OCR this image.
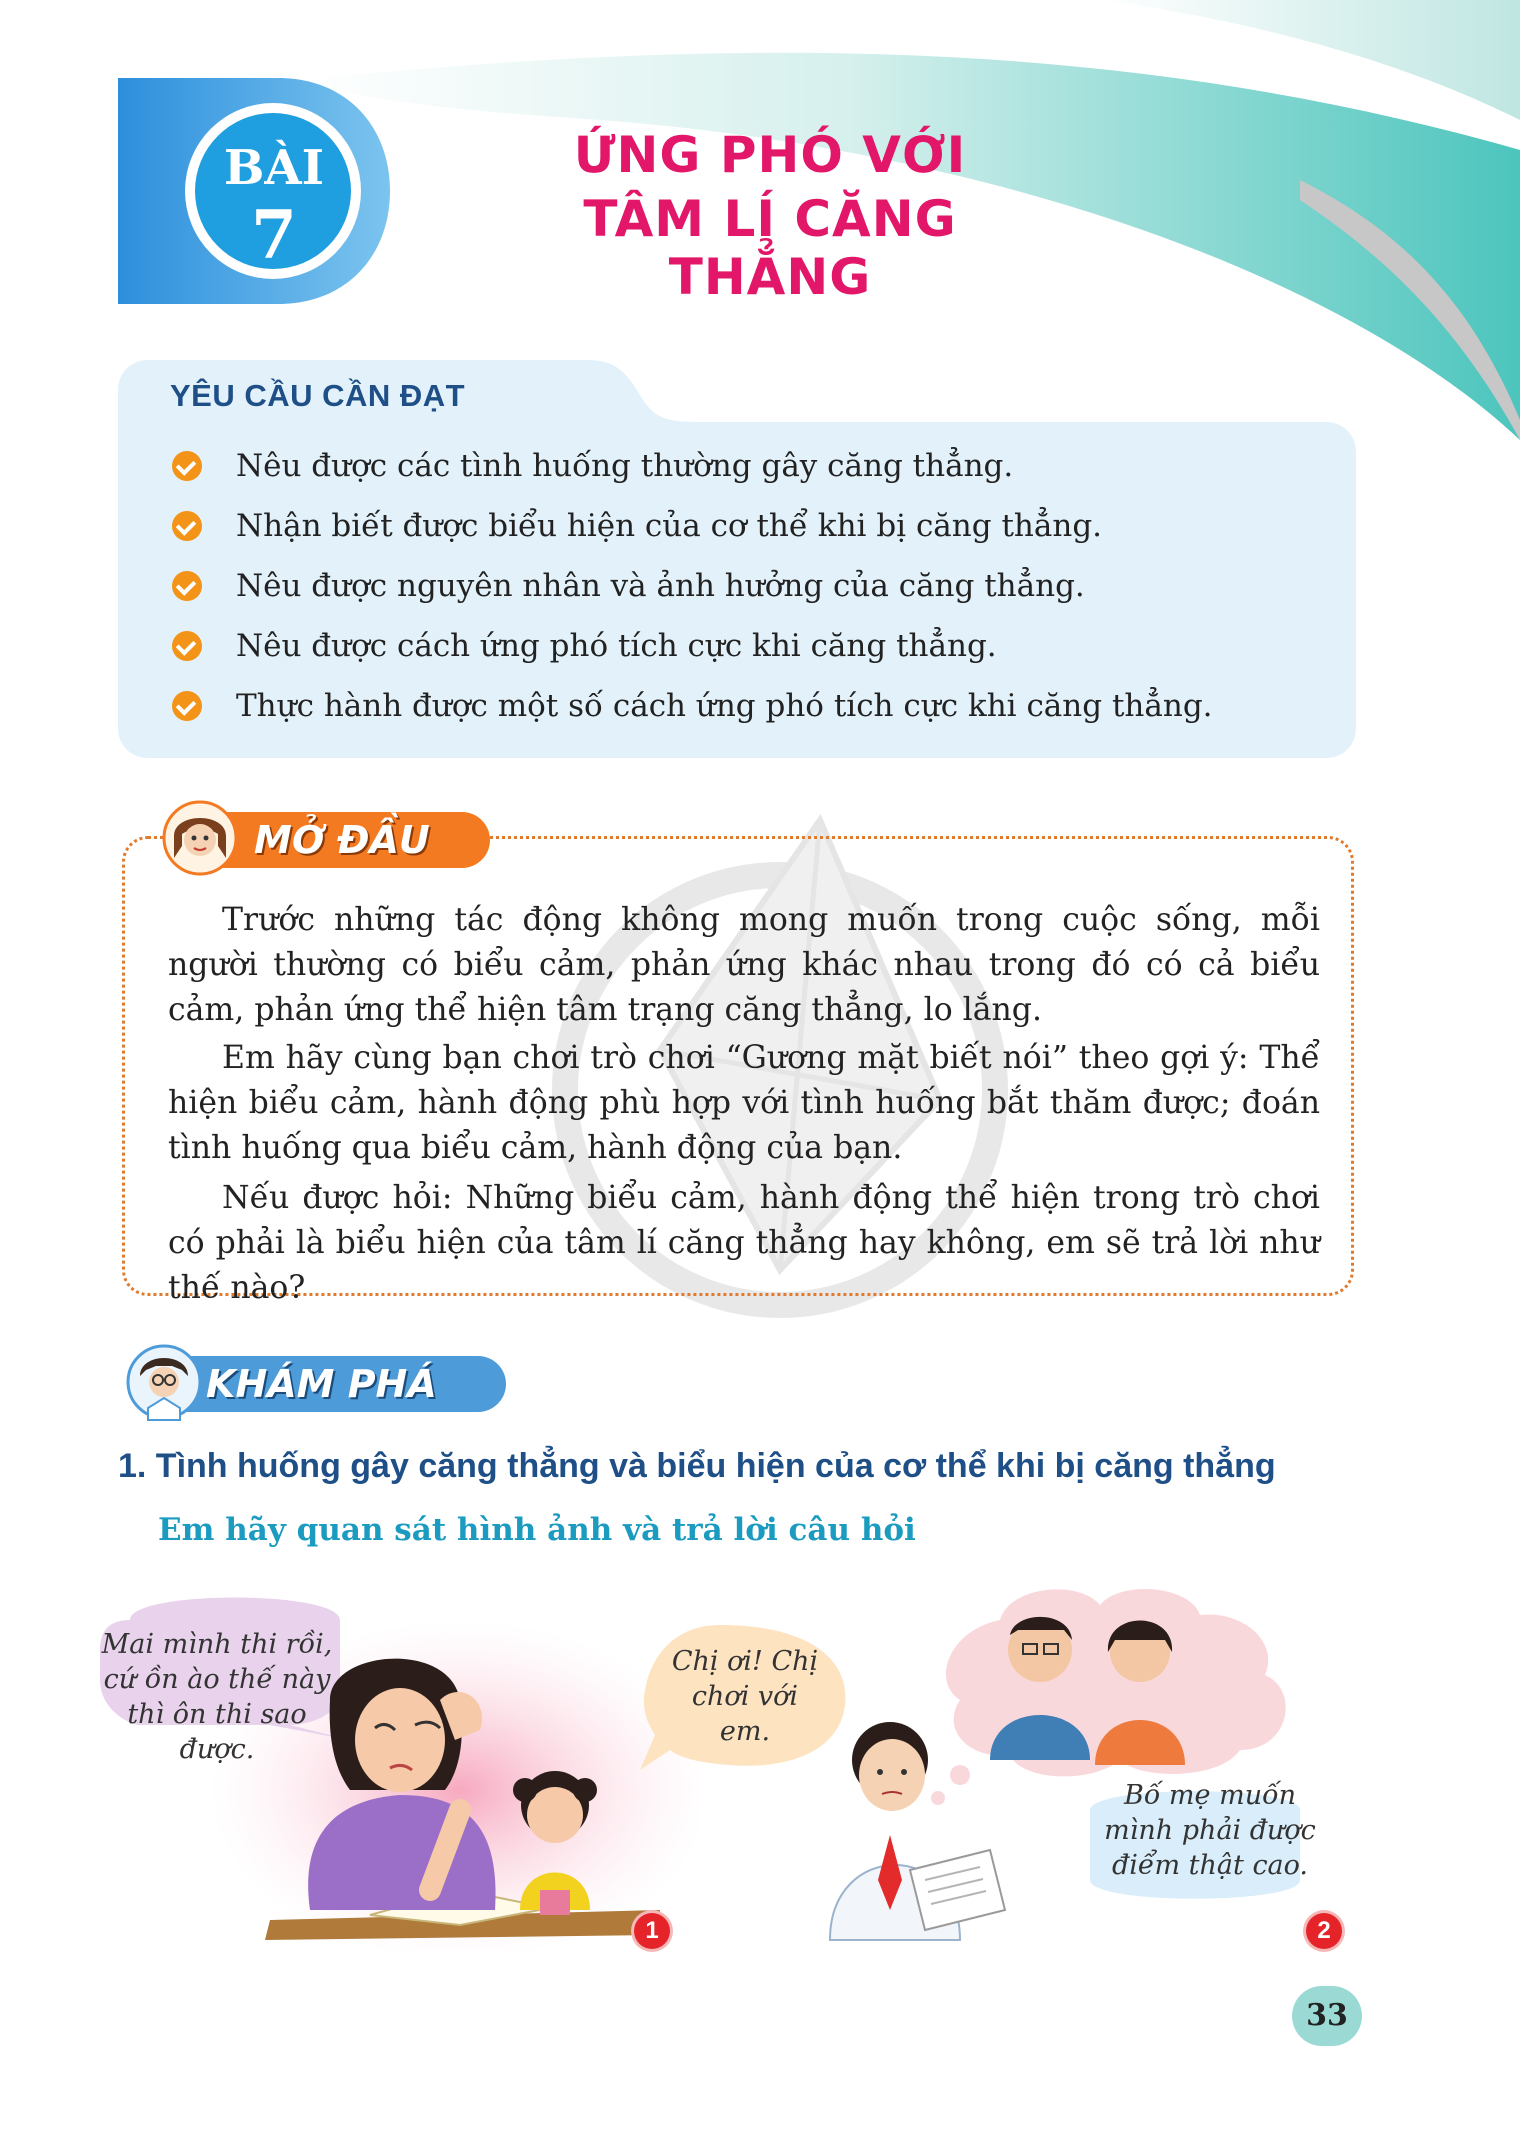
BÀI
7
ỨNG PHÓ VỚI
TÂM LÍ CĂNG THẲNG
YÊU CẦU CẦN ĐẠT
Nêu được các tình huống thường gây căng thẳng.
Nhận biết được biểu hiện của cơ thể khi bị căng thẳng.
Nêu được nguyên nhân và ảnh hưởng của căng thẳng.
Nêu được cách ứng phó tích cực khi căng thẳng.
Thực hành được một số cách ứng phó tích cực khi căng thẳng.
MỞ ĐẦU
Trước những tác động không mong muốn trong cuộc sống, mỗi người thường có biểu cảm, phản ứng khác nhau trong đó có cả biểu cảm, phản ứng thể hiện tâm trạng căng thẳng, lo lắng.
Em hãy cùng bạn chơi trò chơi “Gương mặt biết nói” theo gợi ý: Thể hiện biểu cảm, hành động phù hợp với tình huống bắt thăm được; đoán tình huống qua biểu cảm, hành động của bạn.
Nếu được hỏi: Những biểu cảm, hành động thể hiện trong trò chơi có phải là biểu hiện của tâm lí căng thẳng hay không, em sẽ trả lời như thế nào?
KHÁM PHÁ
1. Tình huống gây căng thẳng và biểu hiện của cơ thể khi bị căng thẳng
Em hãy quan sát hình ảnh và trả lời câu hỏi
Mai mình thi rồi, cứ ồn ào thế này thì ôn thi sao được.
Chị ơi! Chị chơi với em.
Bố mẹ muốn mình phải được điểm thật cao.
1	2
33
